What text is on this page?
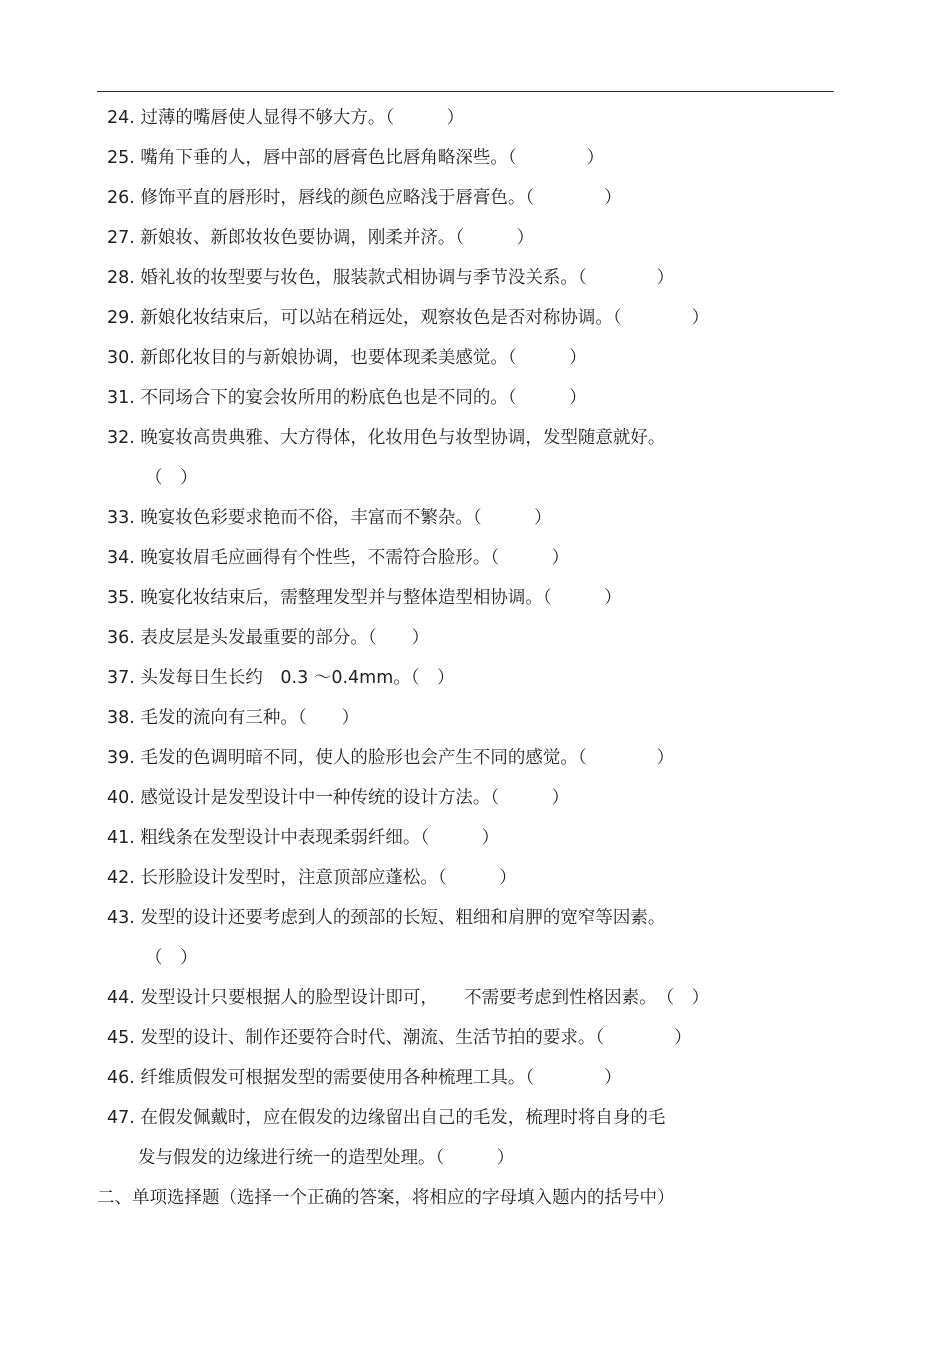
24. 过薄的嘴唇使人显得不够大方。（　　　）
25. 嘴角下垂的人，唇中部的唇膏色比唇角略深些。（　　　　）
26. 修饰平直的唇形时，唇线的颜色应略浅于唇膏色。（　　　　）
27. 新娘妆、新郎妆妆色要协调，刚柔并济。（　　　）
28. 婚礼妆的妆型要与妆色，服装款式相协调与季节没关系。（　　　　）
29. 新娘化妆结束后，可以站在稍远处，观察妆色是否对称协调。（　　　　）
30. 新郎化妆目的与新娘协调，也要体现柔美感觉。（　　　）
31. 不同场合下的宴会妆所用的粉底色也是不同的。（　　　）
32. 晚宴妆高贵典雅、大方得体，化妆用色与妆型协调，发型随意就好。
（　）
33. 晚宴妆色彩要求艳而不俗，丰富而不繁杂。（　　　）
34. 晚宴妆眉毛应画得有个性些，不需符合脸形。（　　　）
35. 晚宴化妆结束后，需整理发型并与整体造型相协调。（　　　）
36. 表皮层是头发最重要的部分。（　　）
37. 头发每日生长约　0.3 ～0.4mm。（　）
38. 毛发的流向有三种。（　　）
39. 毛发的色调明暗不同，使人的脸形也会产生不同的感觉。（　　　　）
40. 感觉设计是发型设计中一种传统的设计方法。（　　　）
41. 粗线条在发型设计中表现柔弱纤细。（　　　）
42. 长形脸设计发型时，注意顶部应蓬松。（　　　）
43. 发型的设计还要考虑到人的颈部的长短、粗细和肩胛的宽窄等因素。
（　）
44. 发型设计只要根据人的脸型设计即可，　　不需要考虑到性格因素。　（　）
45. 发型的设计、制作还要符合时代、潮流、生活节拍的要求。（　　　　）
46. 纤维质假发可根据发型的需要使用各种梳理工具。（　　　　）
47. 在假发佩戴时，应在假发的边缘留出自己的毛发，梳理时将自身的毛
发与假发的边缘进行统一的造型处理。（　　　）
二、单项选择题（选择一个正确的答案，将相应的字母填入题内的括号中）
